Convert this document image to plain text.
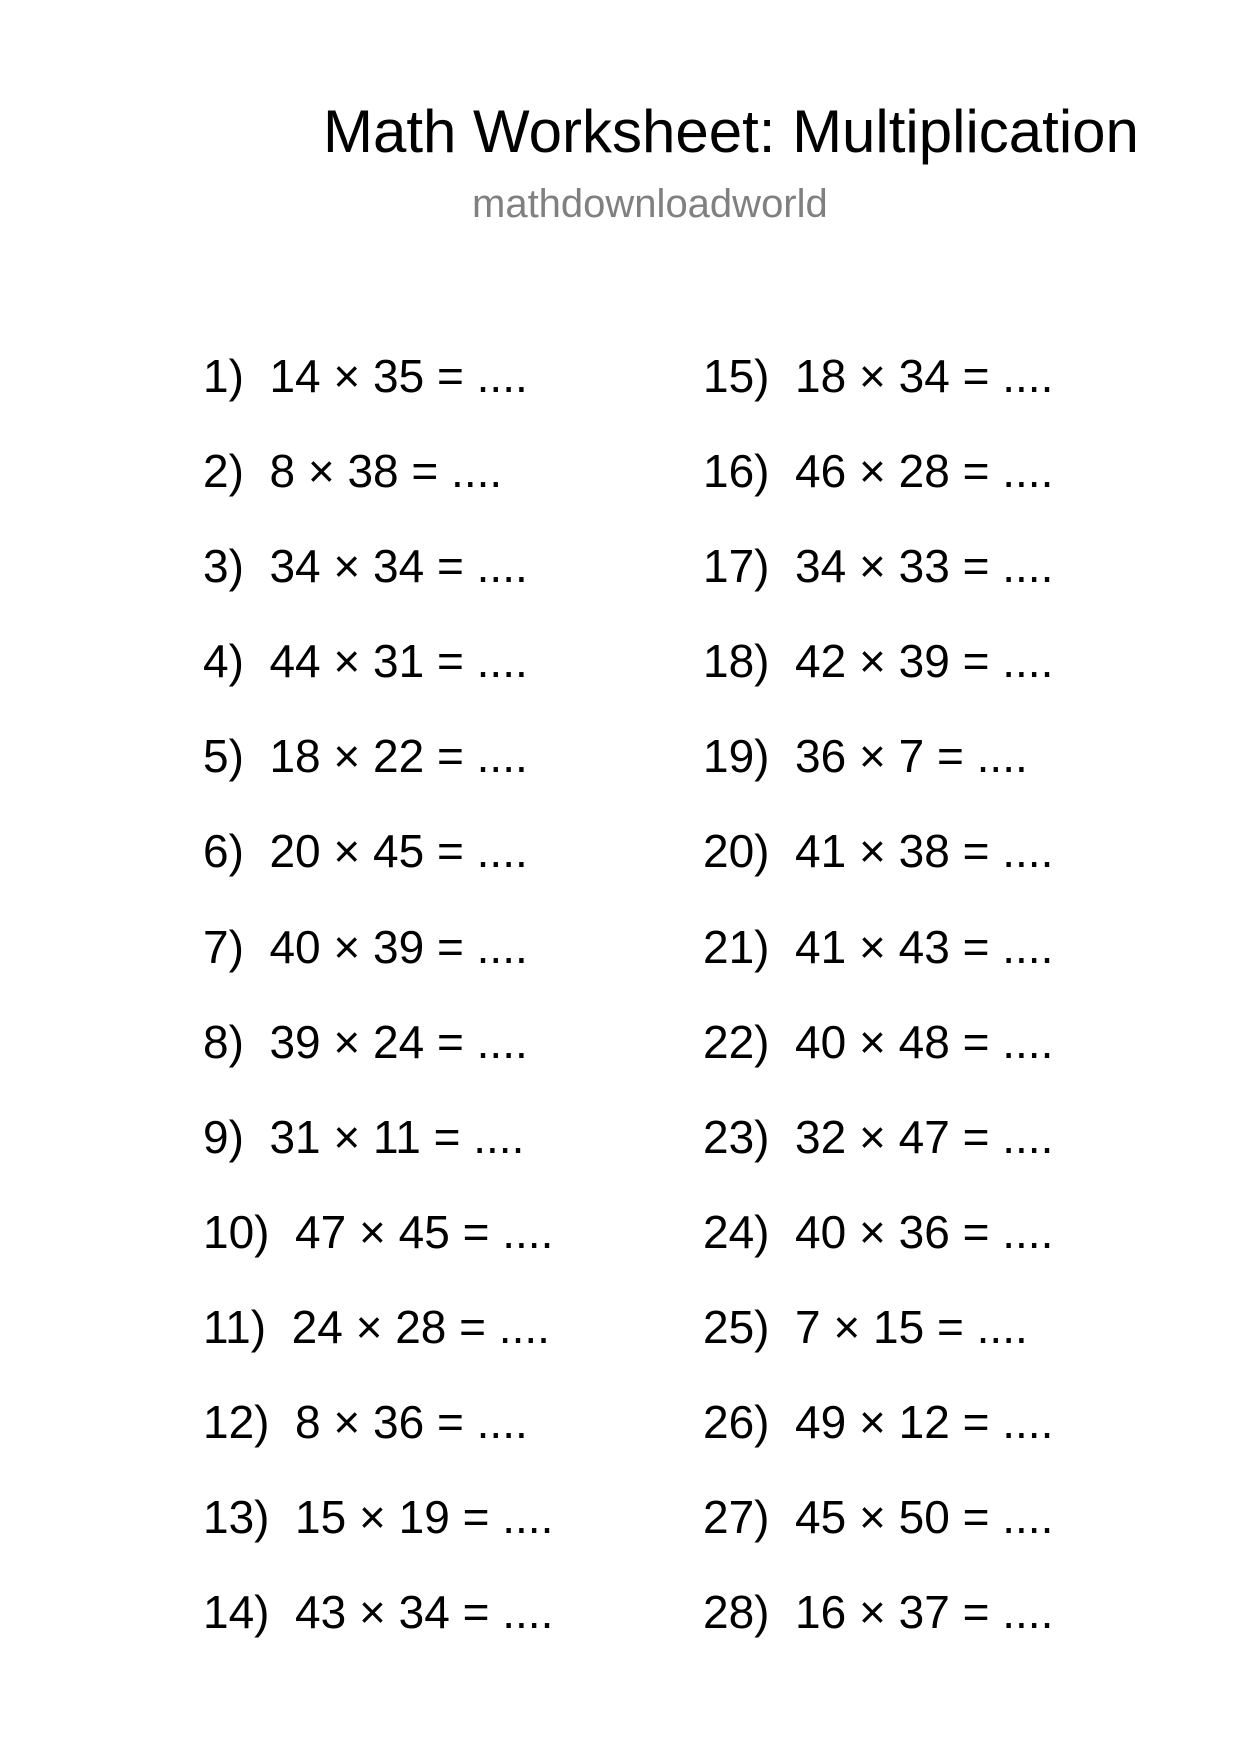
Math Worksheet: Multiplication
mathdownloadworld
1)  14 × 35 = ....
2)  8 × 38 = ....
3)  34 × 34 = ....
4)  44 × 31 = ....
5)  18 × 22 = ....
6)  20 × 45 = ....
7)  40 × 39 = ....
8)  39 × 24 = ....
9)  31 × 11 = ....
10)  47 × 45 = ....
11)  24 × 28 = ....
12)  8 × 36 = ....
13)  15 × 19 = ....
14)  43 × 34 = ....
15)  18 × 34 = ....
16)  46 × 28 = ....
17)  34 × 33 = ....
18)  42 × 39 = ....
19)  36 × 7 = ....
20)  41 × 38 = ....
21)  41 × 43 = ....
22)  40 × 48 = ....
23)  32 × 47 = ....
24)  40 × 36 = ....
25)  7 × 15 = ....
26)  49 × 12 = ....
27)  45 × 50 = ....
28)  16 × 37 = ....
